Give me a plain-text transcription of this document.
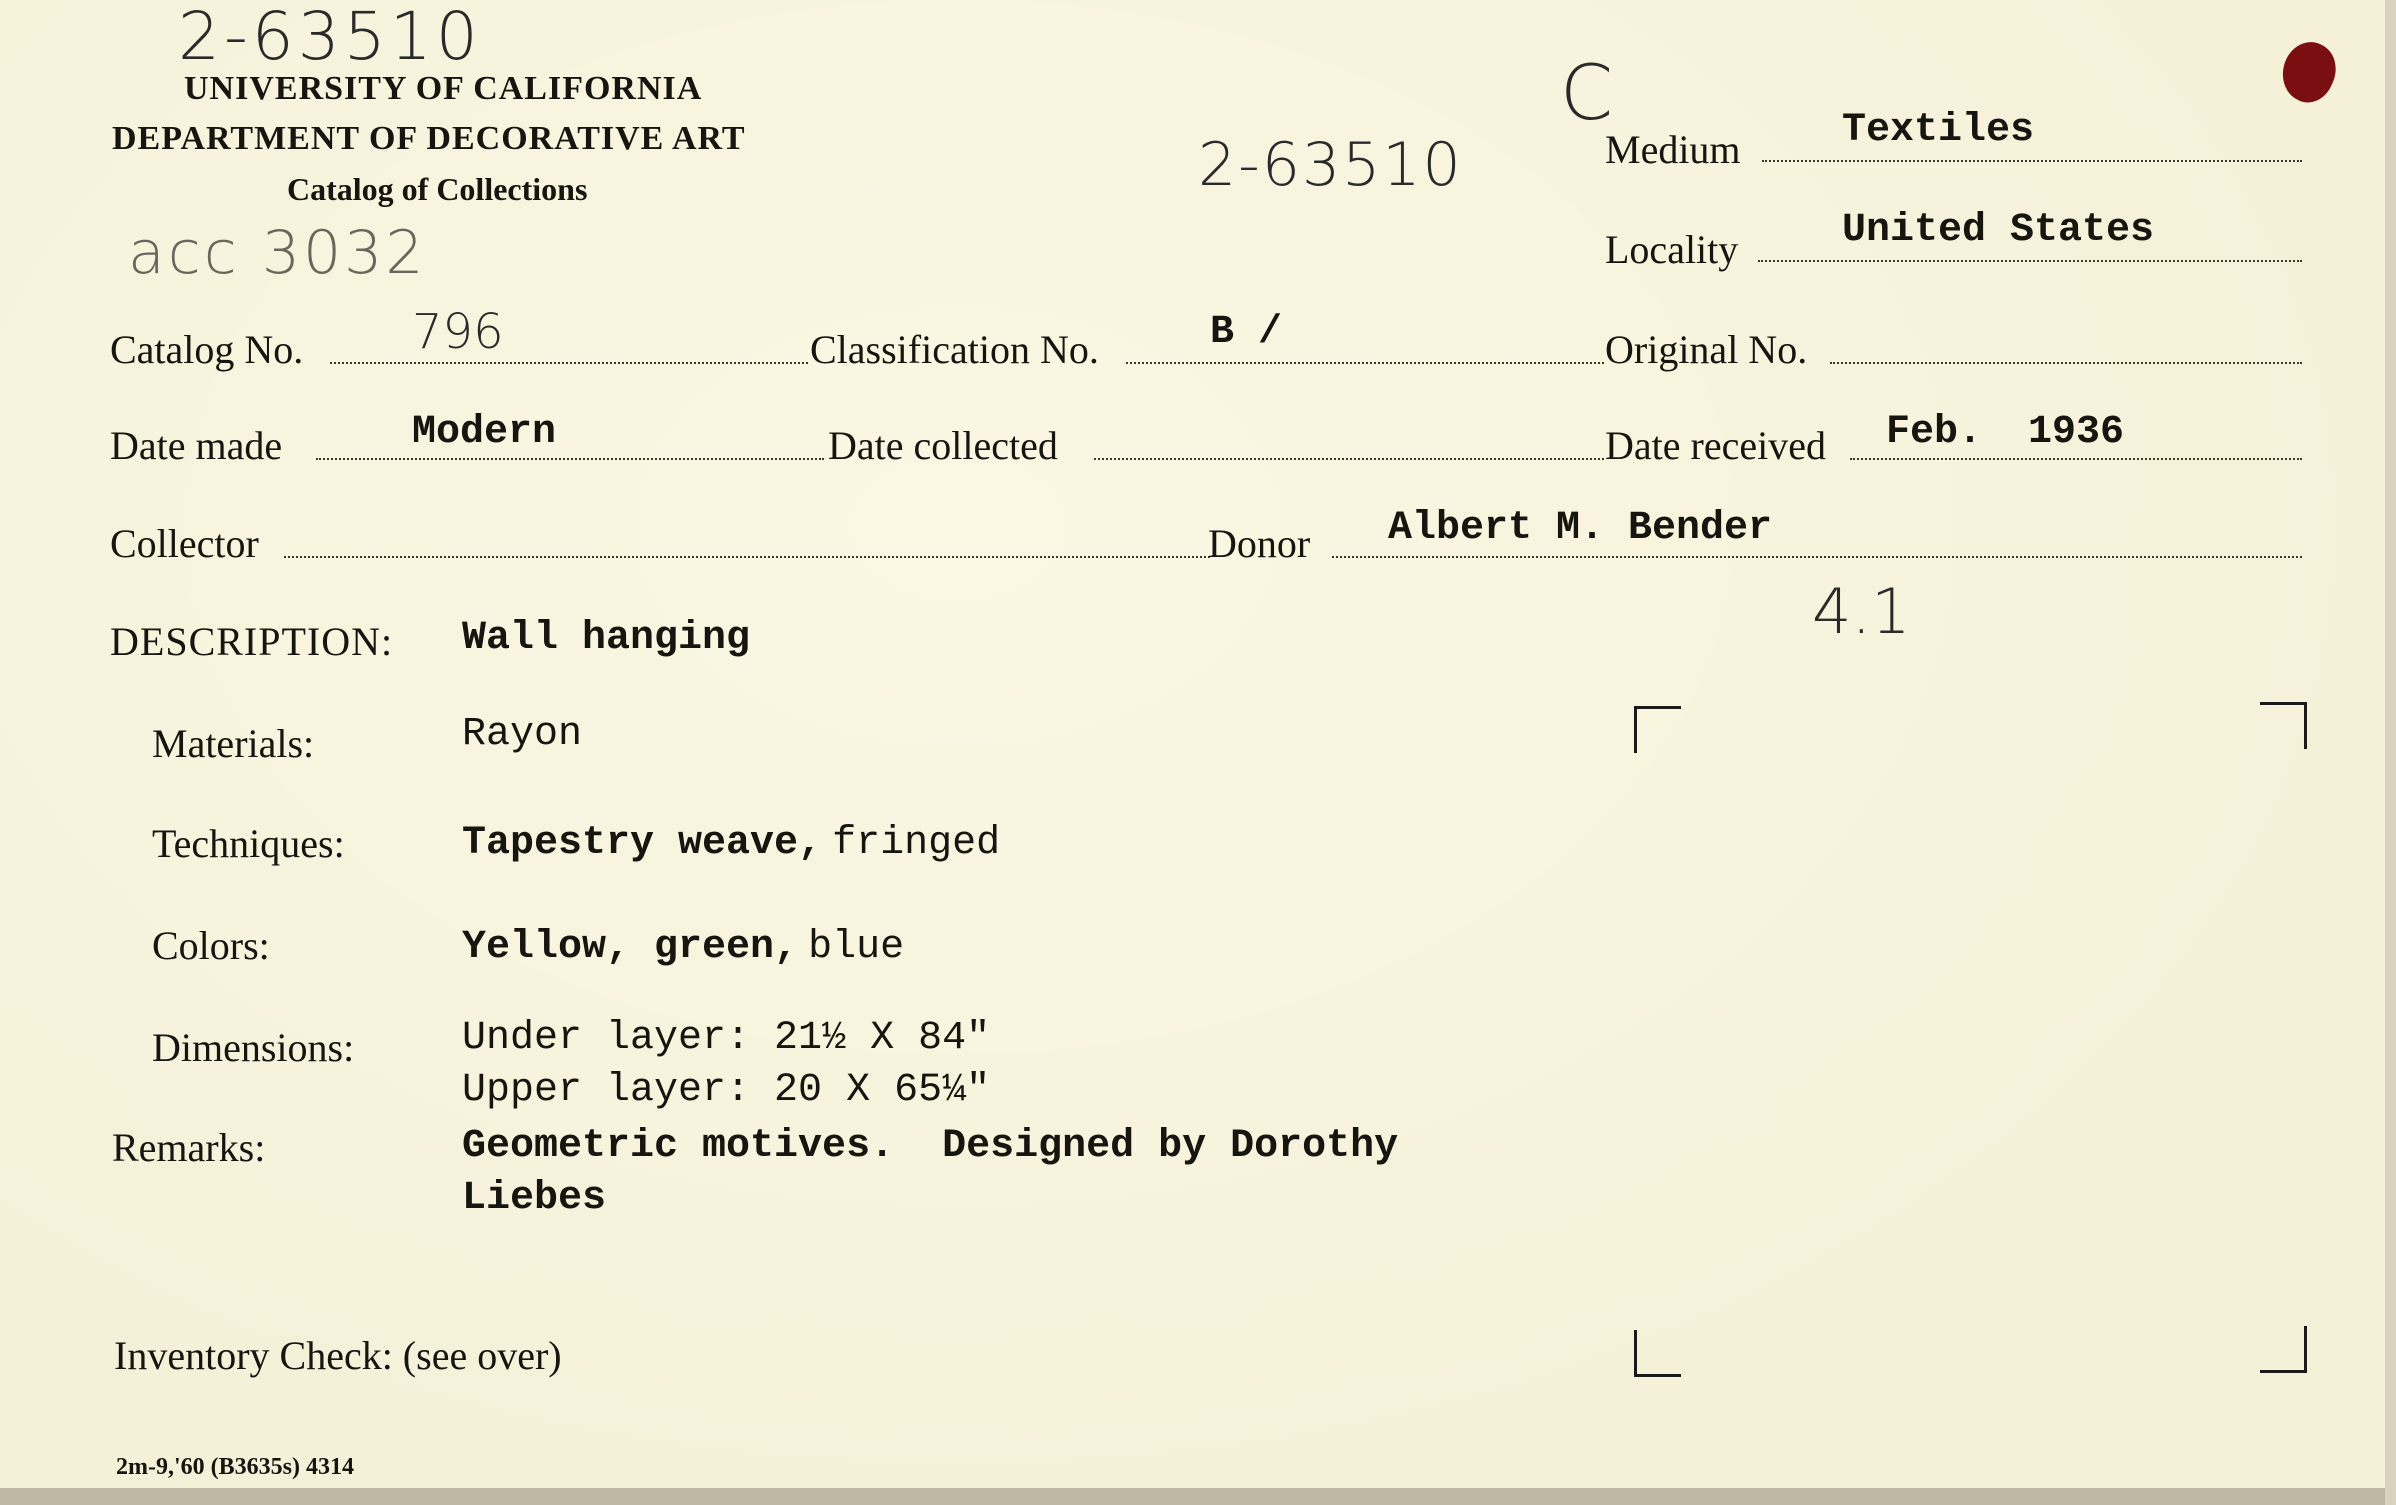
2-63510
acc 3032
2-63510
C
4.1
UNIVERSITY OF CALIFORNIA
DEPARTMENT OF DECORATIVE ART
Catalog of Collections
Medium	Textiles
Locality	United States
Catalog No. 796	Classification No.	B /	Original No.
Date made	Modern	Date collected	Date received Feb. 1936
Collector	Donor Albert M. Bender
DESCRIPTION: Wall hanging
Materials:	Rayon
Techniques:	Tapestry weave, fringed
Colors:	Yellow, green, blue
Dimensions:	Under layer: 21½ X 84"
Upper layer: 20 X 65¼"
Remarks:	Geometric motives.  Designed by Dorothy
Liebes
Inventory Check: (see over)
2m-9,'60 (B3635s) 4314
